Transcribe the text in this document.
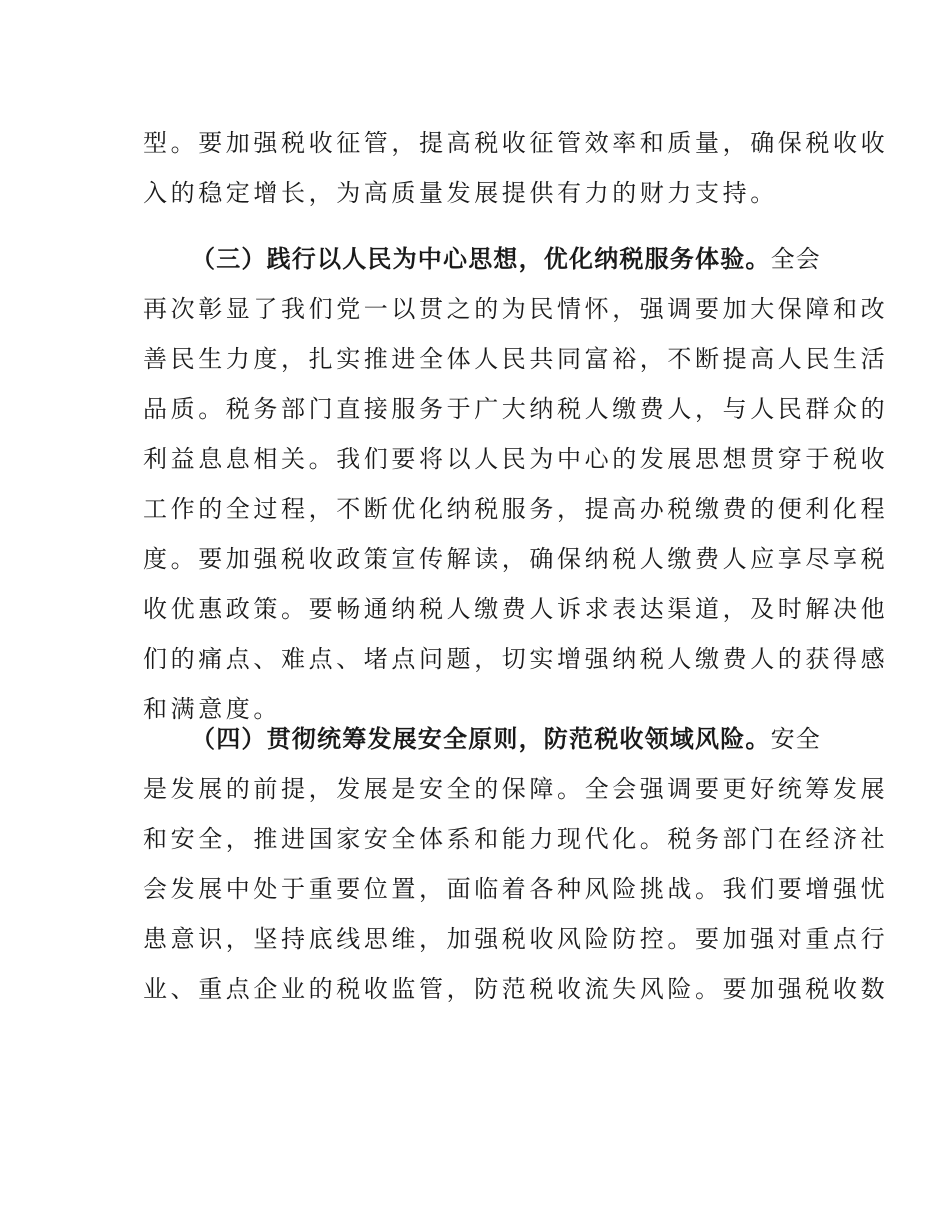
型。要加强税收征管，提高税收征管效率和质量，确保税收收
入的稳定增长，为高质量发展提供有力的财力支持。
（三）践行以人民为中心思想，优化纳税服务体验。全会
再次彰显了我们党一以贯之的为民情怀，强调要加大保障和改
善民生力度，扎实推进全体人民共同富裕，不断提高人民生活
品质。税务部门直接服务于广大纳税人缴费人，与人民群众的
利益息息相关。我们要将以人民为中心的发展思想贯穿于税收
工作的全过程，不断优化纳税服务，提高办税缴费的便利化程
度。要加强税收政策宣传解读，确保纳税人缴费人应享尽享税
收优惠政策。要畅通纳税人缴费人诉求表达渠道，及时解决他
们的痛点、难点、堵点问题，切实增强纳税人缴费人的获得感
和满意度。
（四）贯彻统筹发展安全原则，防范税收领域风险。安全
是发展的前提，发展是安全的保障。全会强调要更好统筹发展
和安全，推进国家安全体系和能力现代化。税务部门在经济社
会发展中处于重要位置，面临着各种风险挑战。我们要增强忧
患意识，坚持底线思维，加强税收风险防控。要加强对重点行
业、重点企业的税收监管，防范税收流失风险。要加强税收数
